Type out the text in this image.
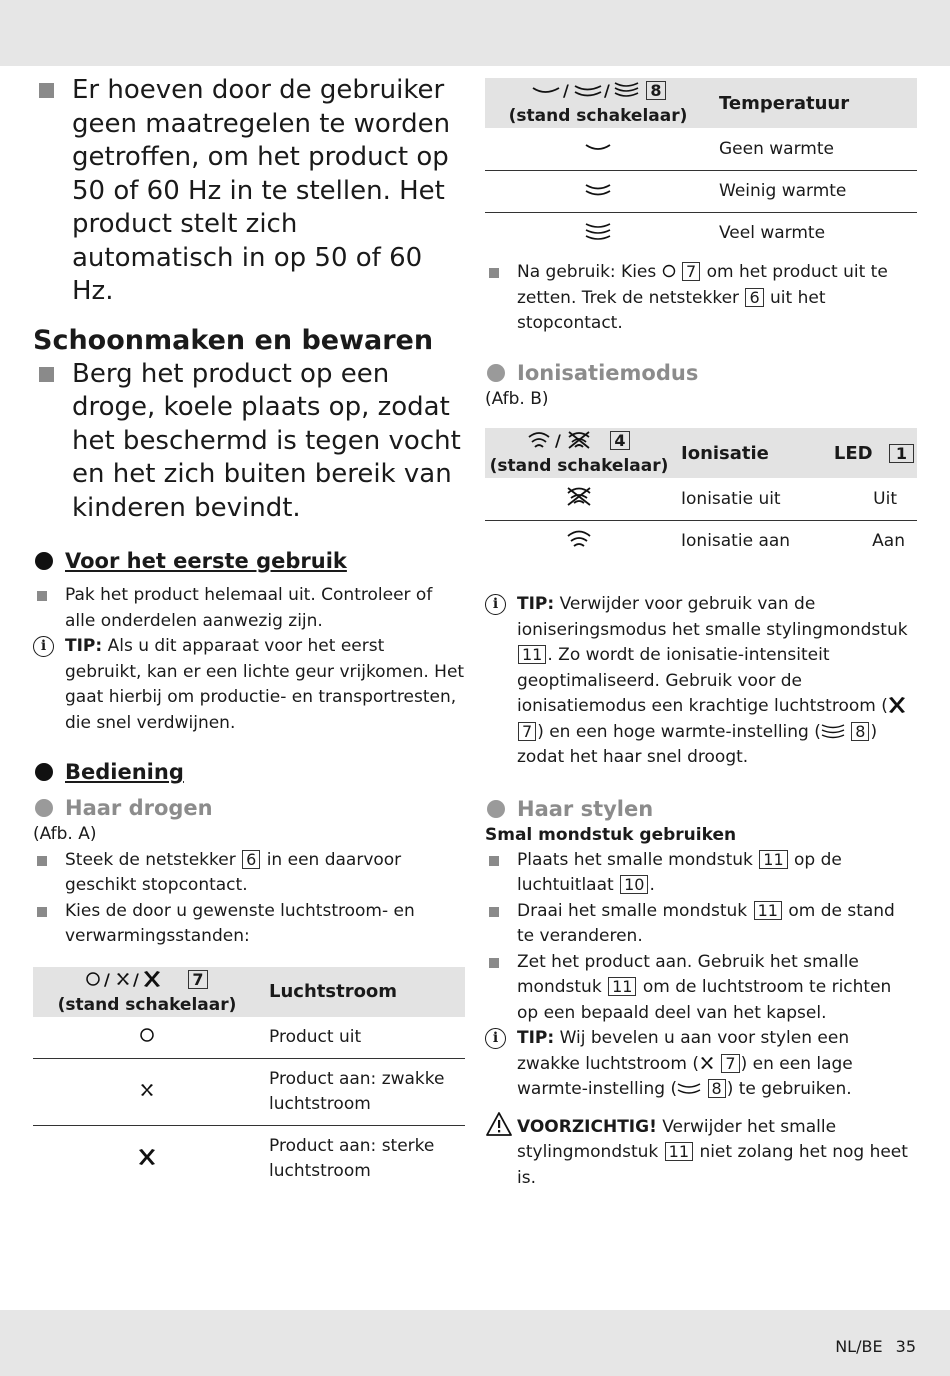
Er hoeven door de gebruiker geen maatregelen te worden getroffen, om het product op 50 of 60 Hz in te stellen. Het product stelt zich automatisch in op 50 of 60 Hz.
Schoonmaken en bewaren
Berg het product op een droge, koele plaats op, zodat het beschermd is tegen vocht en het zich buiten bereik van kinderen bevindt.
Voor het eerste gebruik
Pak het product helemaal uit. Controleer of alle onderdelen aanwezig zijn.
i	TIP: Als u dit apparaat voor het eerst gebruikt, kan er een lichte geur vrijkomen. Het gaat hierbij om productie- en transportresten, die snel verdwijnen.
Bediening
Haar drogen
(Afb. A)
Steek de netstekker 6 in een daarvoor geschikt stopcontact.
Kies de door u gewenste luchtstroom- en verwarmingsstanden:
/ / 7
(stand schakelaar)	Luchtstroom
	Product uit
	Product aan: zwakke luchtstroom
	Product aan: sterke luchtstroom
/ / 8
(stand schakelaar)	Temperatuur
	Geen warmte
	Weinig warmte
	Veel warmte
Na gebruik: Kies 7 om het product uit te zetten. Trek de netstekker 6 uit het stopcontact.
Ionisatiemodus
(Afb. B)
/ 4
(stand schakelaar)	Ionisatie	LED 1
	Ionisatie uit	Uit
	Ionisatie aan	Aan
i	TIP: Verwijder voor gebruik van de ioniseringsmodus het smalle stylingmondstuk11 . Zo wordt de ionisatie-intensiteit geoptimaliseerd. Gebruik voor de ionisatiemodus een krachtige luchtstroom ( 7 ) en een hoge warmte-instelling ( 8 ) zodat het haar snel droogt.
Haar stylen
Smal mondstuk gebruiken
Plaats het smalle mondstuk 11 op de luchtuitlaat 10 .
Draai het smalle mondstuk 11 om de stand te veranderen.
Zet het product aan. Gebruik het smalle mondstuk 11 om de luchtstroom te richten op een bepaald deel van het kapsel.
i	TIP: Wij bevelen u aan voor stylen een zwakke luchtstroom ( 7 ) en een lage warmte-instelling ( 8 ) te gebruiken.
VOORZICHTIG! Verwijder het smalle stylingmondstuk 11 niet zolang het nog heet is.
NL/BE 35
